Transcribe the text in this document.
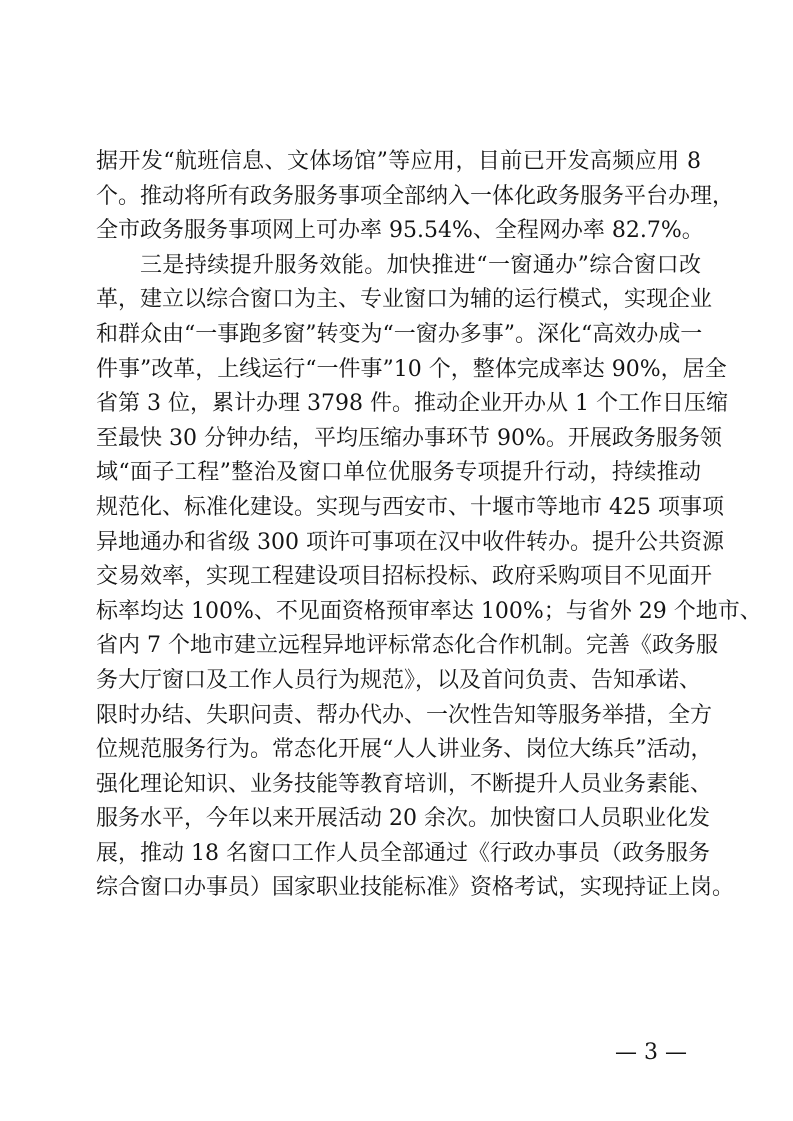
据开发“航班信息、文体场馆”等应用，目前已开发高频应用 8
个。推动将所有政务服务事项全部纳入一体化政务服务平台办理，
全市政务服务事项网上可办率 95.54%、全程网办率 82.7%。
三是持续提升服务效能。加快推进“一窗通办”综合窗口改
革，建立以综合窗口为主、专业窗口为辅的运行模式，实现企业
和群众由“一事跑多窗”转变为“一窗办多事”。深化“高效办成一
件事”改革，上线运行“一件事”10 个，整体完成率达 90%，居全
省第 3 位，累计办理 3798 件。推动企业开办从 1 个工作日压缩
至最快 30 分钟办结，平均压缩办事环节 90%。开展政务服务领
域“面子工程”整治及窗口单位优服务专项提升行动，持续推动
规范化、标准化建设。实现与西安市、十堰市等地市 425 项事项
异地通办和省级 300 项许可事项在汉中收件转办。提升公共资源
交易效率，实现工程建设项目招标投标、政府采购项目不见面开
标率均达 100%、不见面资格预审率达 100%；与省外 29 个地市、
省内 7 个地市建立远程异地评标常态化合作机制。完善《政务服
务大厅窗口及工作人员行为规范》，以及首问负责、告知承诺、
限时办结、失职问责、帮办代办、一次性告知等服务举措，全方
位规范服务行为。常态化开展“人人讲业务、岗位大练兵”活动，
强化理论知识、业务技能等教育培训，不断提升人员业务素能、
服务水平，今年以来开展活动 20 余次。加快窗口人员职业化发
展，推动 18 名窗口工作人员全部通过《行政办事员（政务服务
综合窗口办事员）国家职业技能标准》资格考试，实现持证上岗。
— 3 —
